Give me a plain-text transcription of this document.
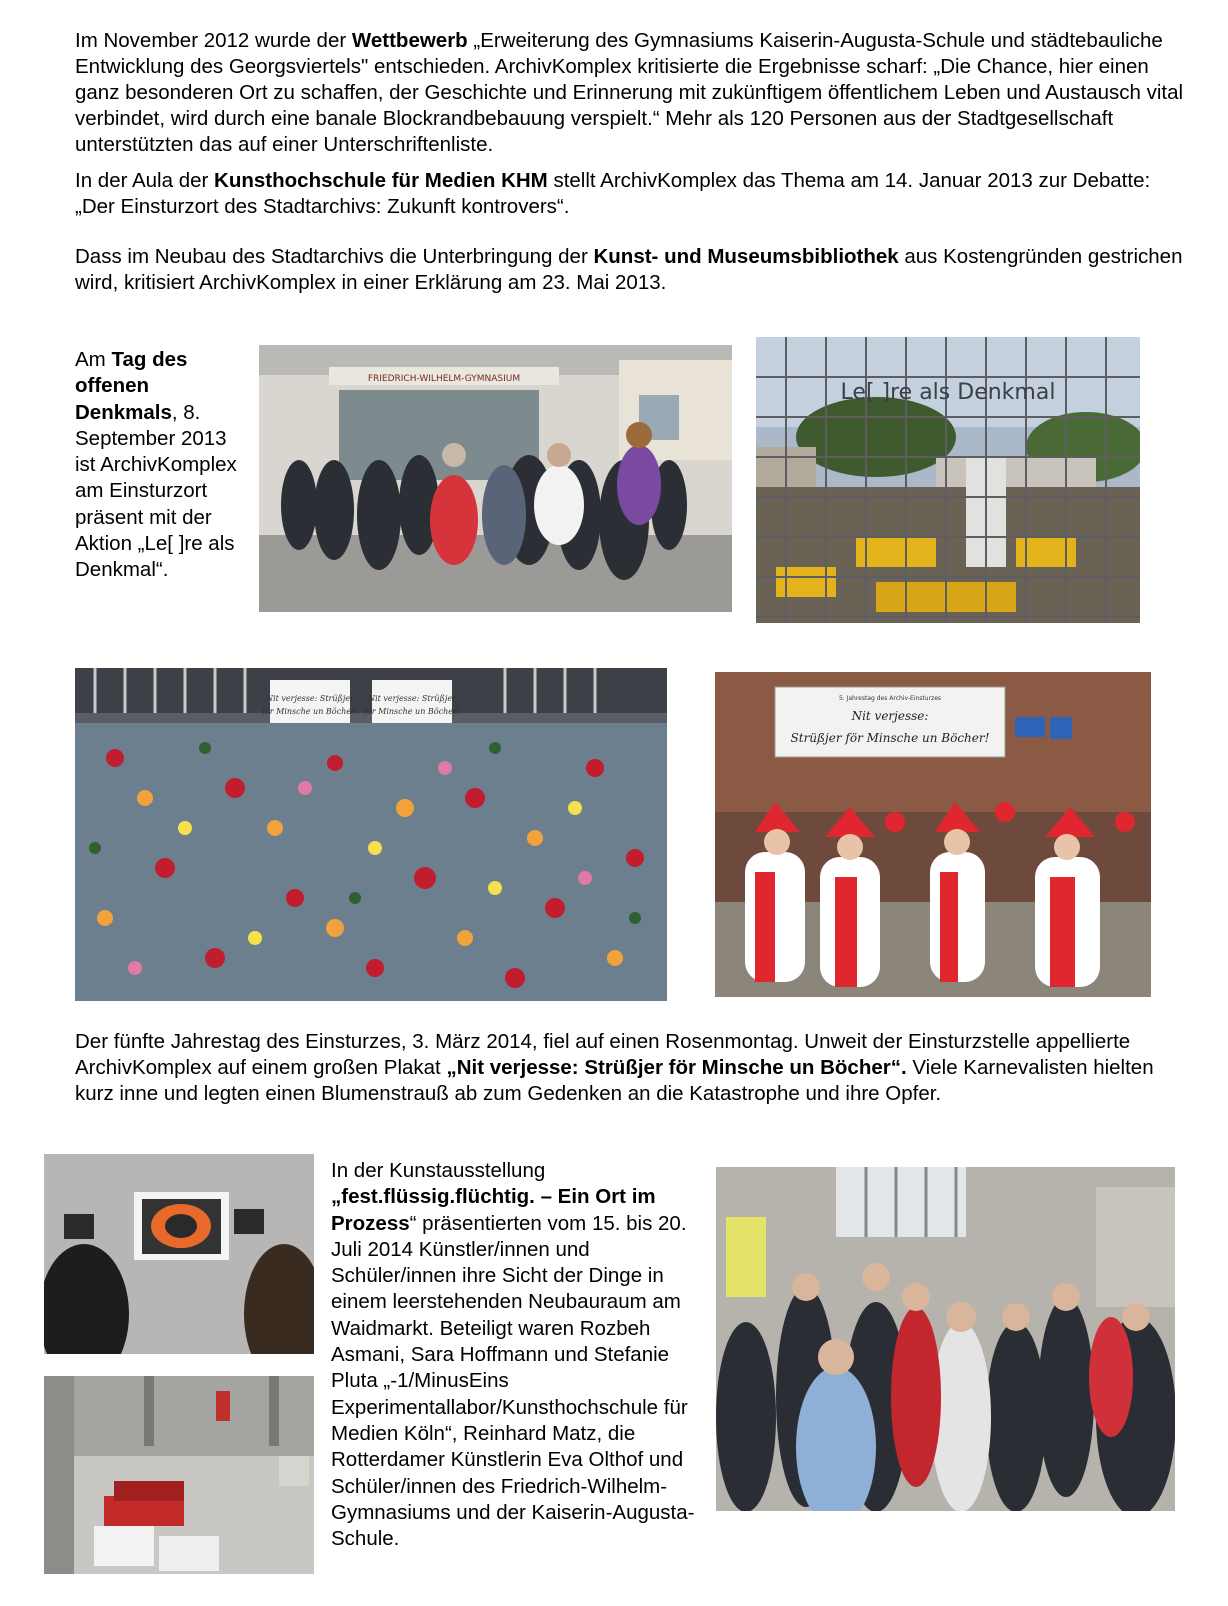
Im November 2012 wurde der Wettbewerb „Erweiterung des Gymnasiums Kaiserin-Augusta-Schule und städtebauliche Entwicklung des Georgsviertels" entschieden. ArchivKomplex kritisierte die Ergebnisse scharf: „Die Chance, hier einen ganz besonderen Ort zu schaffen, der Geschichte und Erinnerung mit zukünftigem öffentlichem Leben und Austausch vital verbindet, wird durch eine banale Blockrandbebauung verspielt.“ Mehr als 120 Personen aus der Stadtgesellschaft unterstützten das auf einer Unterschriftenliste.

In der Aula der Kunsthochschule für Medien KHM stellt ArchivKomplex das Thema am 14. Januar 2013 zur Debatte: „Der Einsturzort des Stadtarchivs: Zukunft kontrovers“.

Dass im Neubau des Stadtarchivs die Unterbringung der Kunst- und Museumsbibliothek aus Kostengründen gestrichen wird, kritisiert ArchivKomplex in einer Erklärung am 23. Mai 2013.

Am Tag des offenen Denkmals, 8. September 2013 ist ArchivKomplex am Einsturzort präsent mit der Aktion „Le[ ]re als Denkmal“.

FRIEDRICH-WILHELM-GYMNASIUM
Le[ ]re als Denkmal
Nit verjesse: Strüßjer
för Minsche un Böcher!
Nit verjesse: Strüßjer
för Minsche un Böcher!
5. Jahrestag des Archiv-Einsturzes
Nit verjesse:
Strüßjer för Minsche un Böcher!

Der fünfte Jahrestag des Einsturzes, 3. März 2014, fiel auf einen Rosenmontag. Unweit der Einsturzstelle appellierte ArchivKomplex auf einem großen Plakat „Nit verjesse: Strüßjer för Minsche un Böcher“. Viele Karnevalisten hielten kurz inne und legten einen Blumenstrauß ab zum Gedenken an die Katastrophe und ihre Opfer.

In der Kunstausstellung „fest.flüssig.flüchtig. – Ein Ort im Prozess“ präsentierten vom 15. bis 20. Juli 2014 Künstler/innen und Schüler/innen ihre Sicht der Dinge in einem leerstehenden Neubauraum am Waidmarkt. Beteiligt waren Rozbeh Asmani, Sara Hoffmann und Stefanie Pluta „-1/MinusEins Experimentallabor/Kunsthochschule für Medien Köln“, Reinhard Matz, die Rotterdamer Künstlerin Eva Olthof und Schüler/innen des Friedrich-Wilhelm-Gymnasiums und der Kaiserin-Augusta-Schule.
